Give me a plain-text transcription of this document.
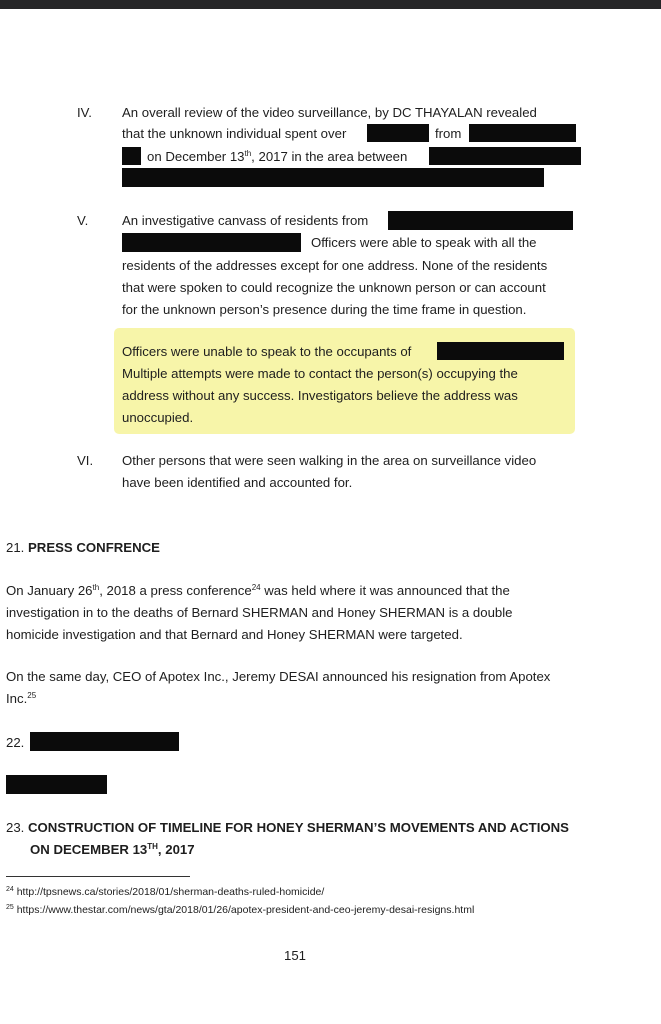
IV. An overall review of the video surveillance, by DC THAYALAN revealed
that the unknown individual spent over	from
on December 13th, 2017 in the area between
V.	An investigative canvass of residents from
Officers were able to speak with all the
residents of the addresses except for one address. None of the residents
that were spoken to could recognize the unknown person or can account
for the unknown person’s presence during the time frame in question.
Officers were unable to speak to the occupants of
Multiple attempts were made to contact the person(s) occupying the
address without any success. Investigators believe the address was
unoccupied.
VI. Other persons that were seen walking in the area on surveillance video
have been identified and accounted for.
21. PRESS CONFRENCE
On January 26th, 2018 a press conference$^{24}$ was held where it was announced that the
investigation in to the deaths of Bernard SHERMAN and Honey SHERMAN is a double
homicide investigation and that Bernard and Honey SHERMAN were targeted.
On the same day, CEO of Apotex Inc., Jeremy DESAI announced his resignation from Apotex
Inc.$^{25}$
22.
23. CONSTRUCTION OF TIMELINE FOR HONEY SHERMAN’S MOVEMENTS AND ACTIONS
ON DECEMBER 13TH, 2017
$^{24}$ http://tpsnews.ca/stories/2018/01/sherman-deaths-ruled-homicide/
$^{25}$ https://www.thestar.com/news/gta/2018/01/26/apotex-president-and-ceo-jeremy-desai-resigns.html
151
